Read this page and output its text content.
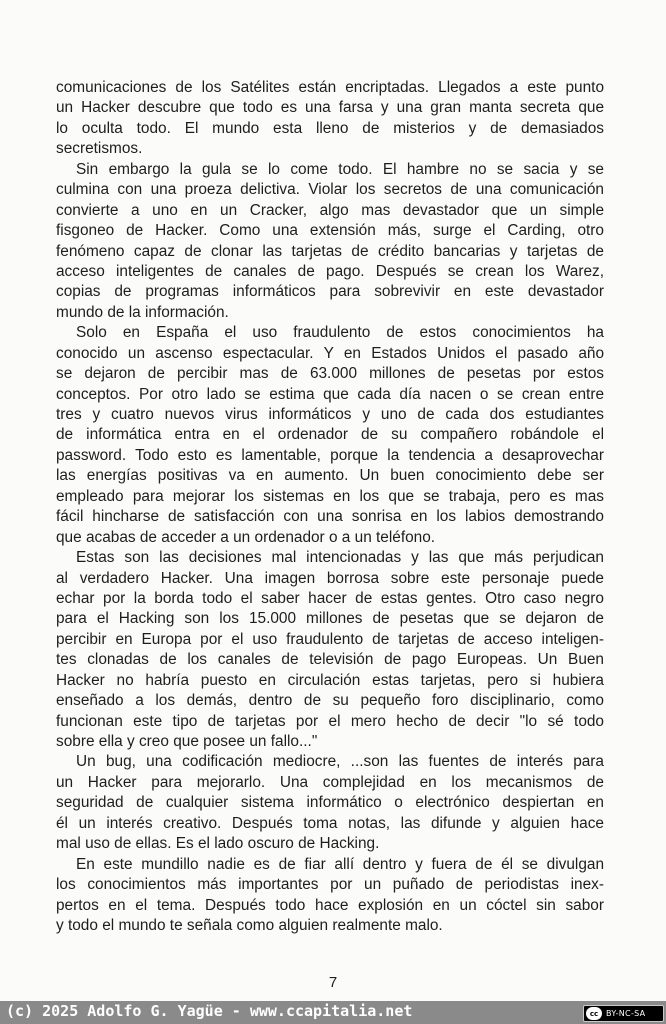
comunicaciones de los Satélites están encriptadas. Llegados a este punto
un Hacker descubre que todo es una farsa y una gran manta secreta que
lo oculta todo. El mundo esta lleno de misterios y de demasiados
secretismos.
Sin embargo la gula se lo come todo. El hambre no se sacia y se
culmina con una proeza delictiva. Violar los secretos de una comunicación
convierte a uno en un Cracker, algo mas devastador que un simple
fisgoneo de Hacker. Como una extensión más, surge el Carding, otro
fenómeno capaz de clonar las tarjetas de crédito bancarias y tarjetas de
acceso inteligentes de canales de pago. Después se crean los Warez,
copias de programas informáticos para sobrevivir en este devastador
mundo de la información.
Solo en España el uso fraudulento de estos conocimientos ha
conocido un ascenso espectacular. Y en Estados Unidos el pasado año
se dejaron de percibir mas de 63.000 millones de pesetas por estos
conceptos. Por otro lado se estima que cada día nacen o se crean entre
tres y cuatro nuevos virus informáticos y uno de cada dos estudiantes
de informática entra en el ordenador de su compañero robándole el
password. Todo esto es lamentable, porque la tendencia a desaprovechar
las energías positivas va en aumento. Un buen conocimiento debe ser
empleado para mejorar los sistemas en los que se trabaja, pero es mas
fácil hincharse de satisfacción con una sonrisa en los labios demostrando
que acabas de acceder a un ordenador o a un teléfono.
Estas son las decisiones mal intencionadas y las que más perjudican
al verdadero Hacker. Una imagen borrosa sobre este personaje puede
echar por la borda todo el saber hacer de estas gentes. Otro caso negro
para el Hacking son los 15.000 millones de pesetas que se dejaron de
percibir en Europa por el uso fraudulento de tarjetas de acceso inteligen-
tes clonadas de los canales de televisión de pago Europeas. Un Buen
Hacker no habría puesto en circulación estas tarjetas, pero si hubiera
enseñado a los demás, dentro de su pequeño foro disciplinario, como
funcionan este tipo de tarjetas por el mero hecho de decir "lo sé todo
sobre ella y creo que posee un fallo..."
Un bug, una codificación mediocre, ...son las fuentes de interés para
un Hacker para mejorarlo. Una complejidad en los mecanismos de
seguridad de cualquier sistema informático o electrónico despiertan en
él un interés creativo. Después toma notas, las difunde y alguien hace
mal uso de ellas. Es el lado oscuro de Hacking.
En este mundillo nadie es de fiar allí dentro y fuera de él se divulgan
los conocimientos más importantes por un puñado de periodistas inex-
pertos en el tema. Después todo hace explosión en un cóctel sin sabor
y todo el mundo te señala como alguien realmente malo.
7
(c) 2025 Adolfo G. Yagüe - www.ccapitalia.net	cc BY-NC-SA
